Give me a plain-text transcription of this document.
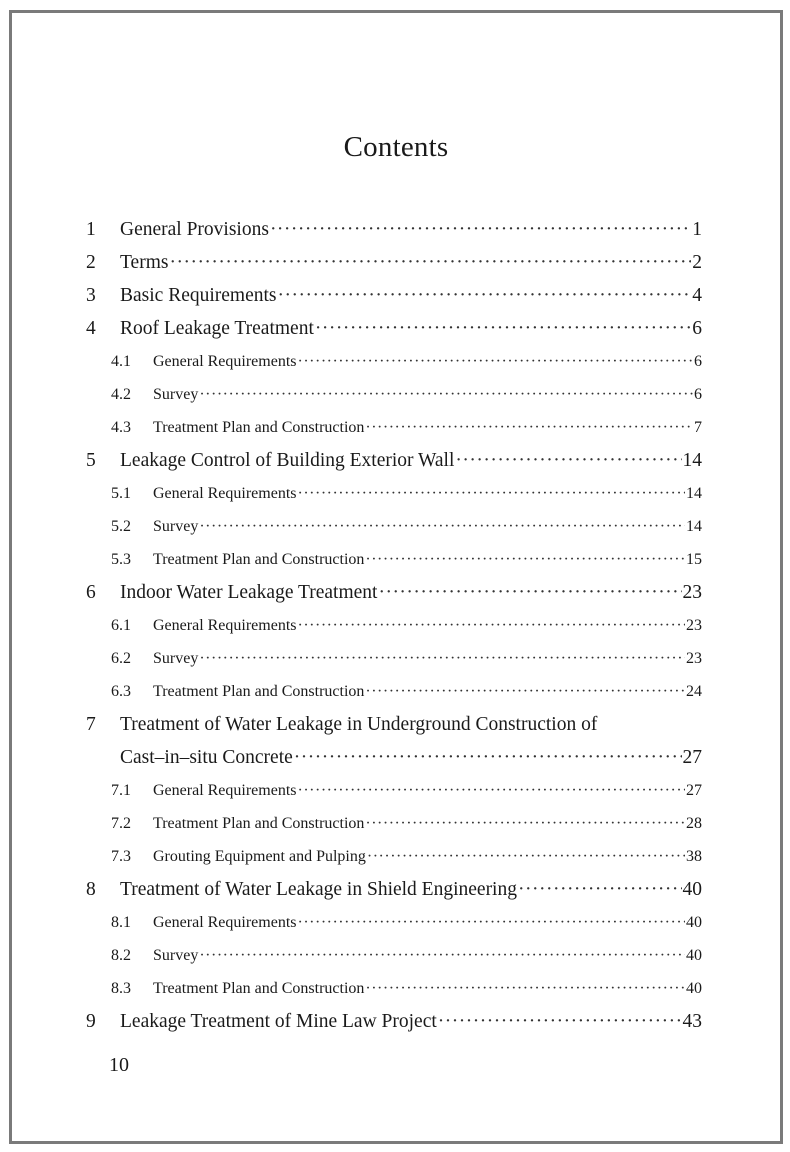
Contents
1	General Provisions ·····	1
2	Terms ·····	2
3	Basic Requirements ·····	4
4	Roof Leakage Treatment ·····	6
4.1	General Requirements ·····	6
4.2	Survey ·····	6
4.3	Treatment Plan and Construction ·····	7
5	Leakage Control of Building Exterior Wall ·····	14
5.1	General Requirements ·····	14
5.2	Survey ·····	14
5.3	Treatment Plan and Construction ·····	15
6	Indoor Water Leakage Treatment ·····	23
6.1	General Requirements ·····	23
6.2	Survey ·····	23
6.3	Treatment Plan and Construction ·····	24
7	Treatment of Water Leakage in Underground Construction of
Cast–in–situ Concrete ·····	27
7.1	General Requirements ·····	27
7.2	Treatment Plan and Construction ·····	28
7.3	Grouting Equipment and Pulping ·····	38
8	Treatment of Water Leakage in Shield Engineering ·····	40
8.1	General Requirements ·····	40
8.2	Survey ·····	40
8.3	Treatment Plan and Construction ·····	40
9	Leakage Treatment of Mine Law Project ·····	43
10
